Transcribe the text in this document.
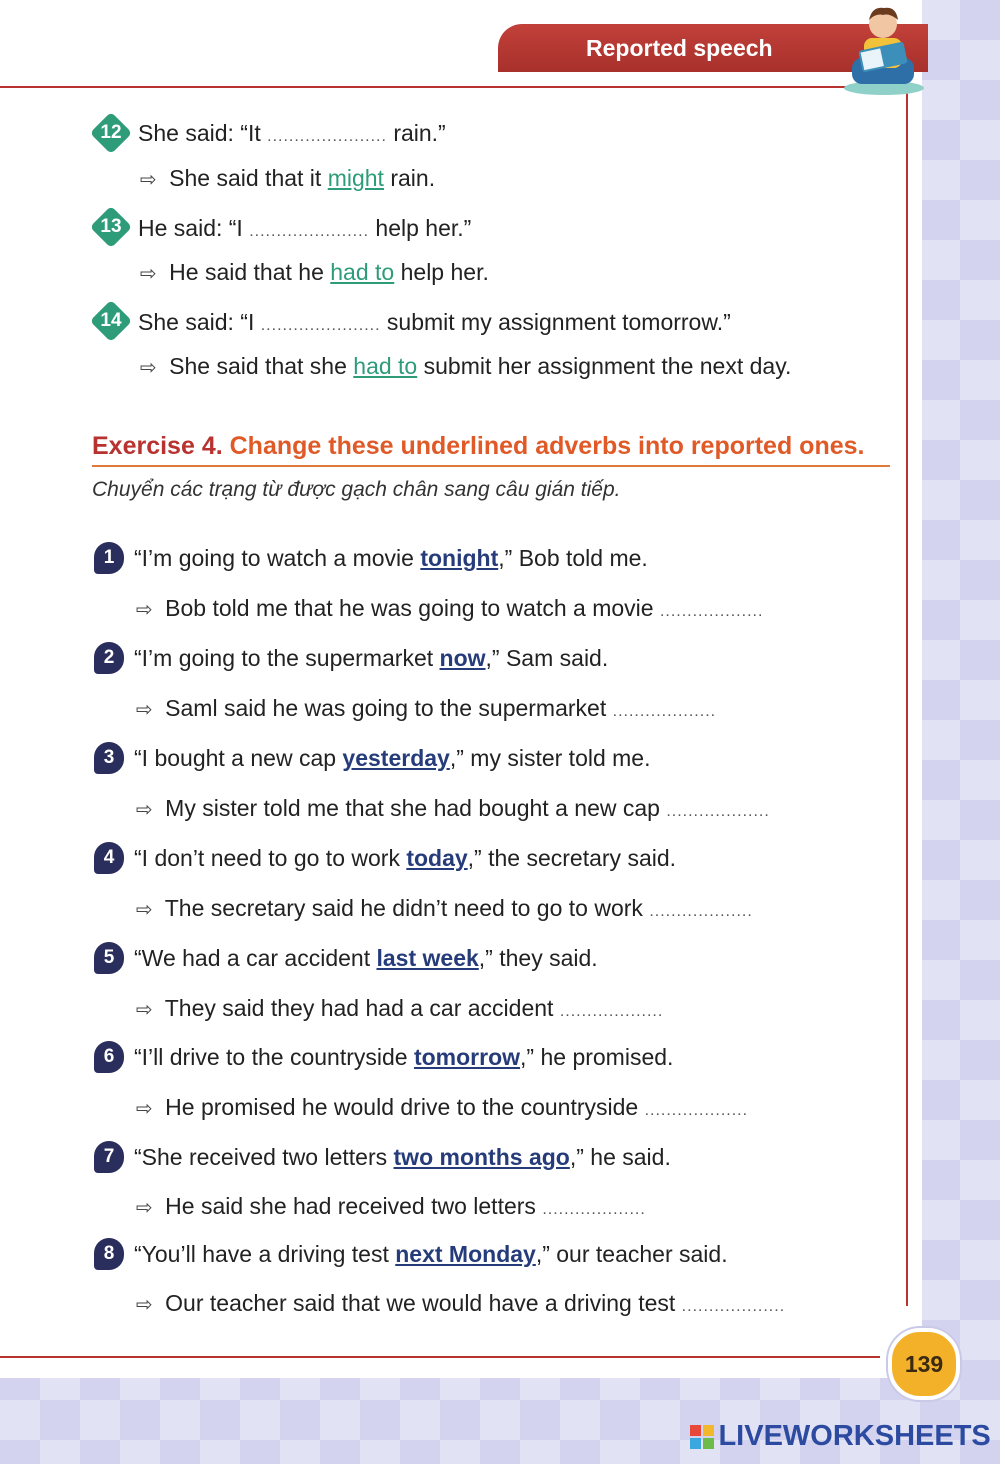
Reported speech
12 She said: “It ...................... rain.”
⇨ She said that it might rain.
13 He said: “I ...................... help her.”
⇨ He said that he had to help her.
14 She said: “I ...................... submit my assignment tomorrow.”
⇨ She said that she had to submit her assignment the next day.
Exercise 4. Change these underlined adverbs into reported ones.
Chuyển các trạng từ được gạch chân sang câu gián tiếp.
1 “I’m going to watch a movie tonight,” Bob told me.
⇨ Bob told me that he was going to watch a movie ...................
2 “I’m going to the supermarket now,” Sam said.
⇨ Saml said he was going to the supermarket ...................
3 “I bought a new cap yesterday,” my sister told me.
⇨ My sister told me that she had bought a new cap ...................
4 “I don’t need to go to work today,” the secretary said.
⇨ The secretary said he didn’t need to go to work ...................
5 “We had a car accident last week,” they said.
⇨ They said they had had a car accident ...................
6 “I’ll drive to the countryside tomorrow,” he promised.
⇨ He promised he would drive to the countryside ...................
7 “She received two letters two months ago,” he said.
⇨ He said she had received two letters ...................
8 “You’ll have a driving test next Monday,” our teacher said.
⇨ Our teacher said that we would have a driving test ...................
139
LIVEWORKSHEETS
